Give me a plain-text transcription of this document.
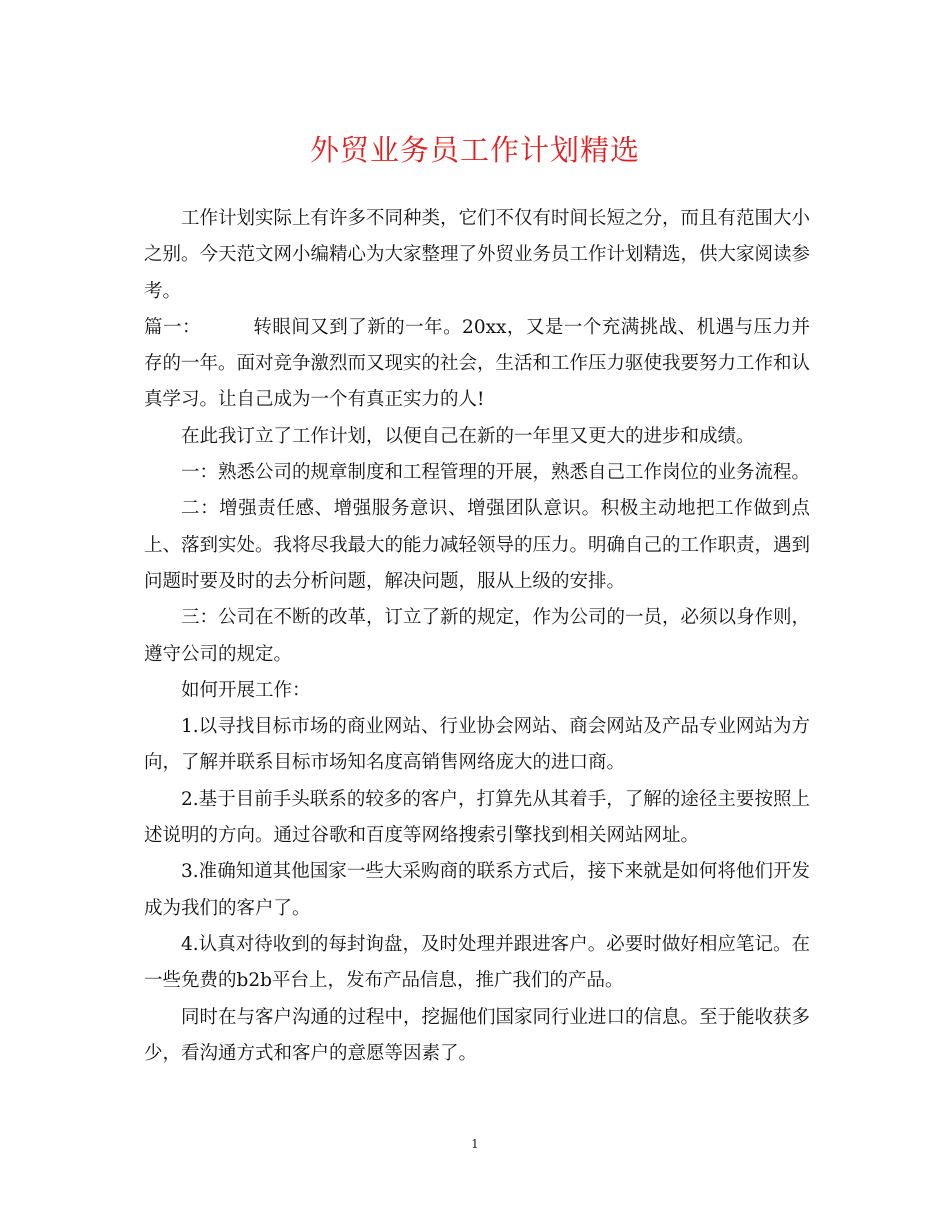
外贸业务员工作计划精选

工作计划实际上有许多不同种类，它们不仅有时间长短之分，而且有范围大小之别。今天范文网小编精心为大家整理了外贸业务员工作计划精选，供大家阅读参考。

篇一：	转眼间又到了新的一年。20xx，又是一个充满挑战、机遇与压力并存的一年。面对竞争激烈而又现实的社会，生活和工作压力驱使我要努力工作和认真学习。让自己成为一个有真正实力的人!

在此我订立了工作计划，以便自己在新的一年里又更大的进步和成绩。

一：熟悉公司的规章制度和工程管理的开展，熟悉自己工作岗位的业务流程。

二：增强责任感、增强服务意识、增强团队意识。积极主动地把工作做到点上、落到实处。我将尽我最大的能力减轻领导的压力。明确自己的工作职责，遇到问题时要及时的去分析问题，解决问题，服从上级的安排。

三：公司在不断的改革，订立了新的规定，作为公司的一员，必须以身作则，遵守公司的规定。

如何开展工作：

1.以寻找目标市场的商业网站、行业协会网站、商会网站及产品专业网站为方向，了解并联系目标市场知名度高销售网络庞大的进口商。

2.基于目前手头联系的较多的客户，打算先从其着手，了解的途径主要按照上述说明的方向。通过谷歌和百度等网络搜索引擎找到相关网站网址。

3.准确知道其他国家一些大采购商的联系方式后，接下来就是如何将他们开发成为我们的客户了。

4.认真对待收到的每封询盘，及时处理并跟进客户。必要时做好相应笔记。在一些免费的b2b平台上，发布产品信息，推广我们的产品。

同时在与客户沟通的过程中，挖掘他们国家同行业进口的信息。至于能收获多少，看沟通方式和客户的意愿等因素了。

1
